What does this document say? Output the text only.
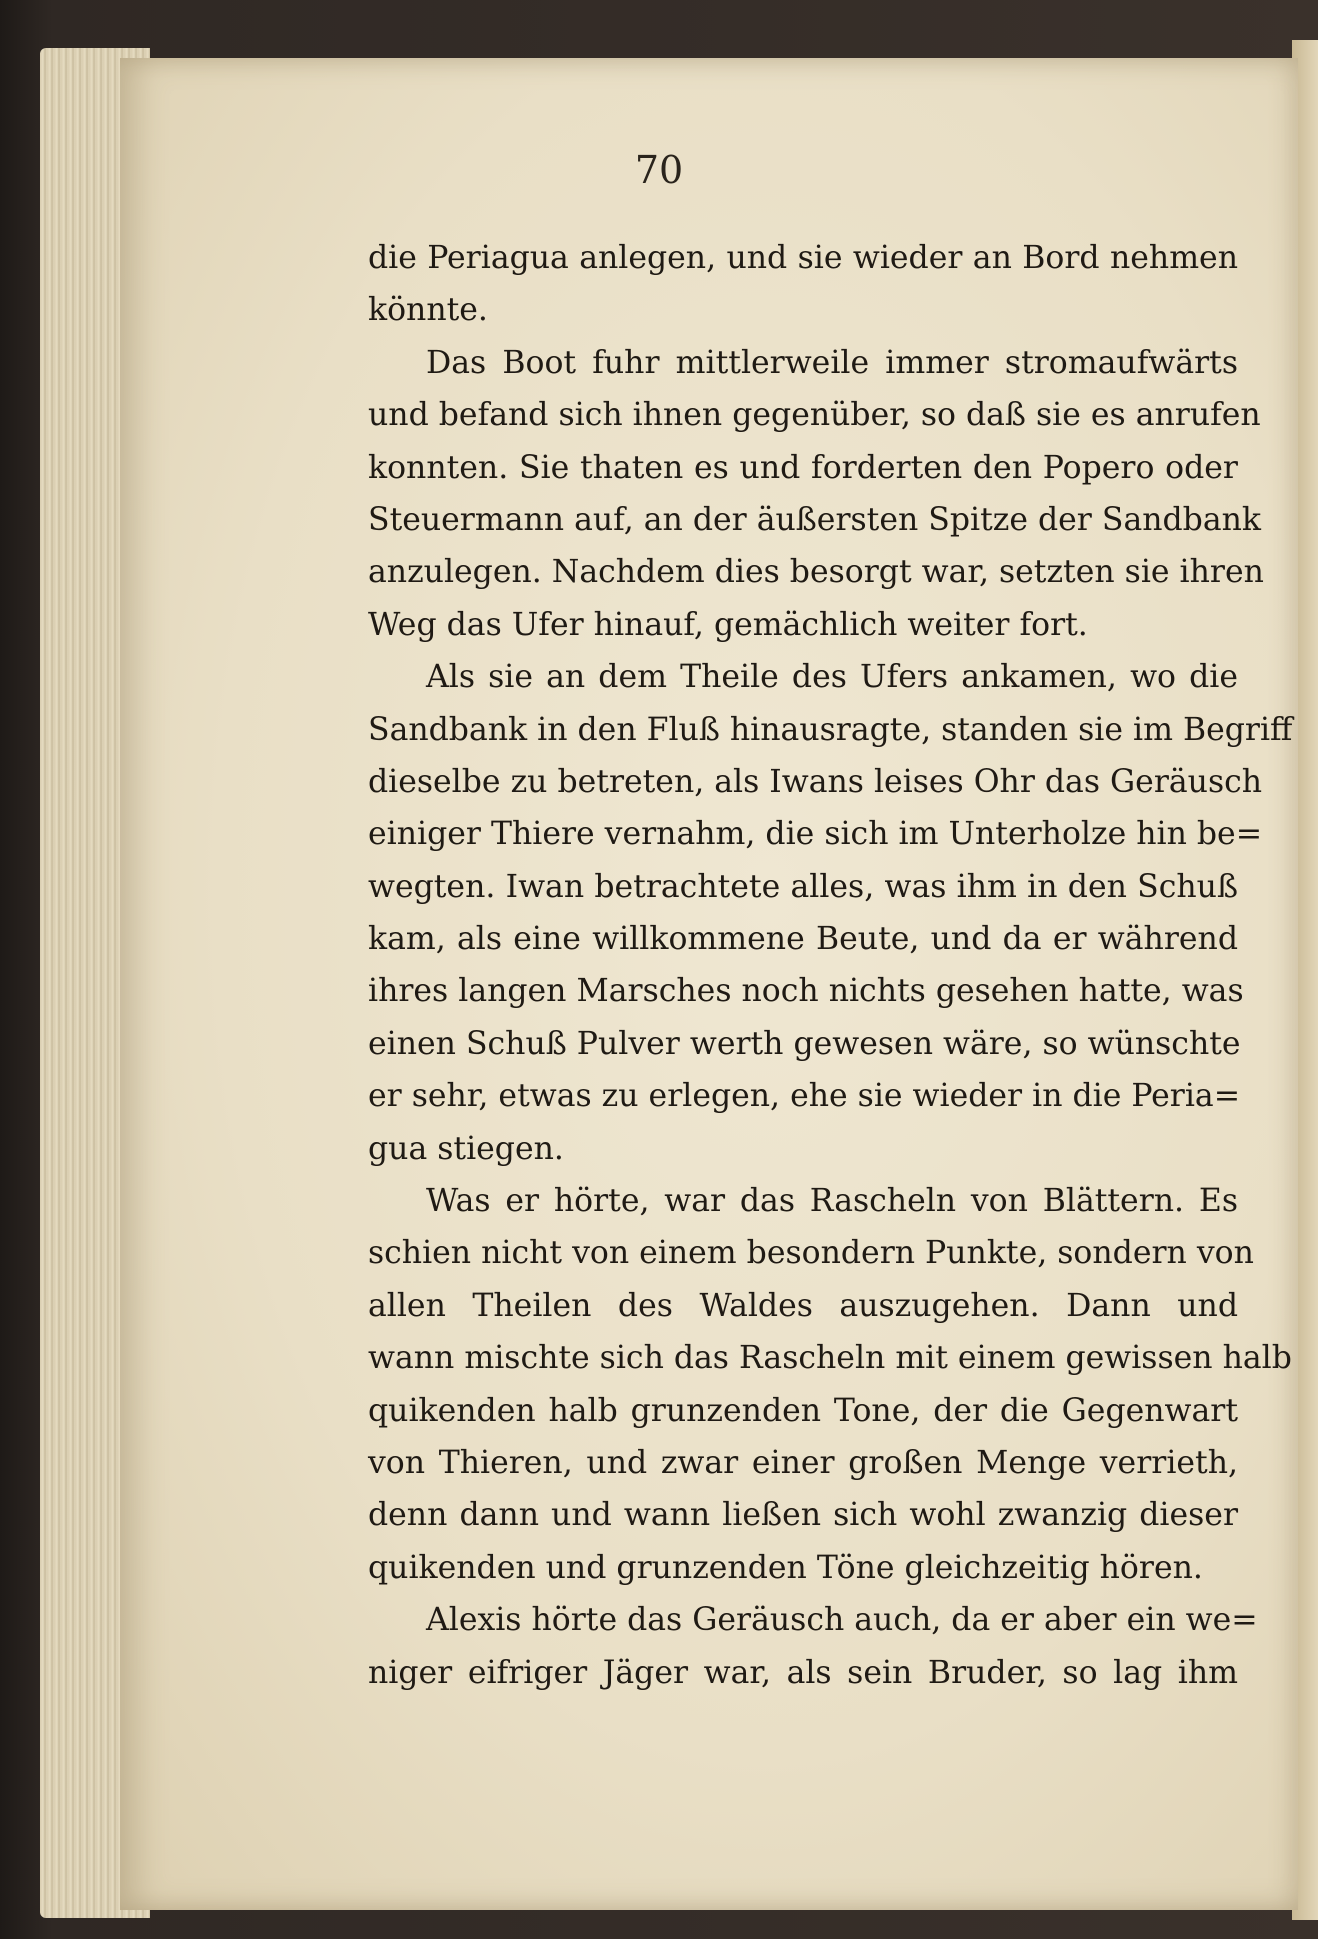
70
die Periagua anlegen, und sie wieder an Bord nehmen
könnte.
Das Boot fuhr mittlerweile immer stromaufwärts
und befand sich ihnen gegenüber, so daß sie es anrufen
konnten. Sie thaten es und forderten den Popero oder
Steuermann auf, an der äußersten Spitze der Sandbank
anzulegen. Nachdem dies besorgt war, setzten sie ihren
Weg das Ufer hinauf, gemächlich weiter fort.
Als sie an dem Theile des Ufers ankamen, wo die
Sandbank in den Fluß hinausragte, standen sie im Begriff
dieselbe zu betreten, als Iwans leises Ohr das Geräusch
einiger Thiere vernahm, die sich im Unterholze hin be=
wegten. Iwan betrachtete alles, was ihm in den Schuß
kam, als eine willkommene Beute, und da er während
ihres langen Marsches noch nichts gesehen hatte, was
einen Schuß Pulver werth gewesen wäre, so wünschte
er sehr, etwas zu erlegen, ehe sie wieder in die Peria=
gua stiegen.
Was er hörte, war das Rascheln von Blättern. Es
schien nicht von einem besondern Punkte, sondern von
allen Theilen des Waldes auszugehen. Dann und
wann mischte sich das Rascheln mit einem gewissen halb
quikenden halb grunzenden Tone, der die Gegenwart
von Thieren, und zwar einer großen Menge verrieth,
denn dann und wann ließen sich wohl zwanzig dieser
quikenden und grunzenden Töne gleichzeitig hören.
Alexis hörte das Geräusch auch, da er aber ein we=
niger eifriger Jäger war, als sein Bruder, so lag ihm
